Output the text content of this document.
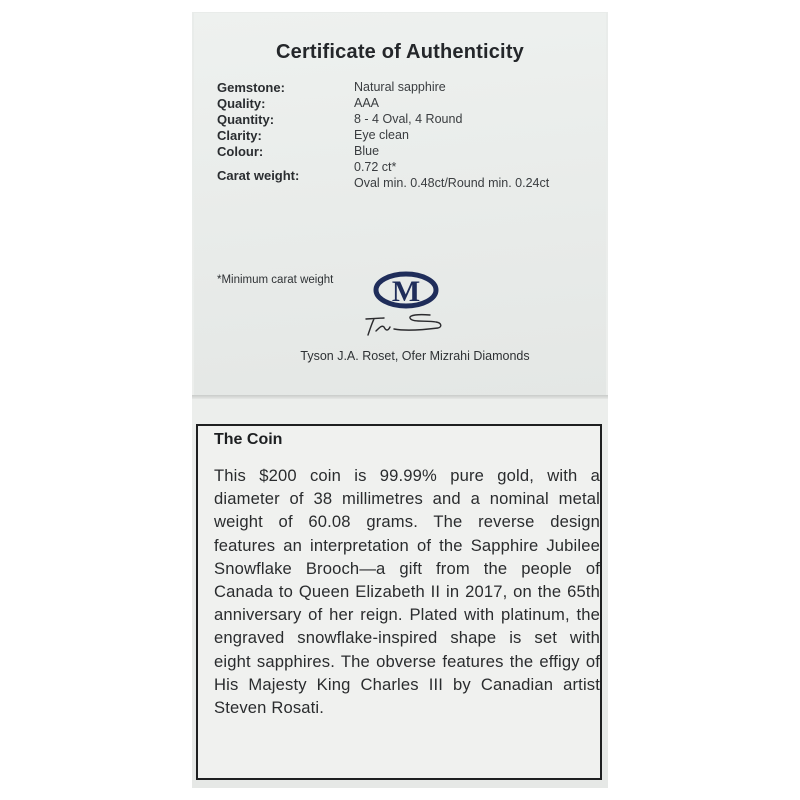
Certificate of Authenticity
Gemstone:	Natural sapphire
Quality:	AAA
Quantity:	8 - 4 Oval, 4 Round
Clarity:	Eye clean
Colour:	Blue
Carat weight:
0.72 ct*
Oval min. 0.48ct/Round min. 0.24ct
*Minimum carat weight M
Tyson J.A. Roset, Ofer Mizrahi Diamonds
The Coin
This $200 coin is 99.99% pure gold, with a diameter of 38 millimetres and a nominal metal weight of 60.08 grams. The reverse design features an interpretation of the Sapphire Jubilee Snowflake Brooch—a gift from the people of Canada to Queen Elizabeth II in 2017, on the 65th anniversary of her reign. Plated with platinum, the engraved snowflake-inspired shape is set with eight sapphires. The obverse features the effigy of His Majesty King Charles III by Canadian artist Steven Rosati.
